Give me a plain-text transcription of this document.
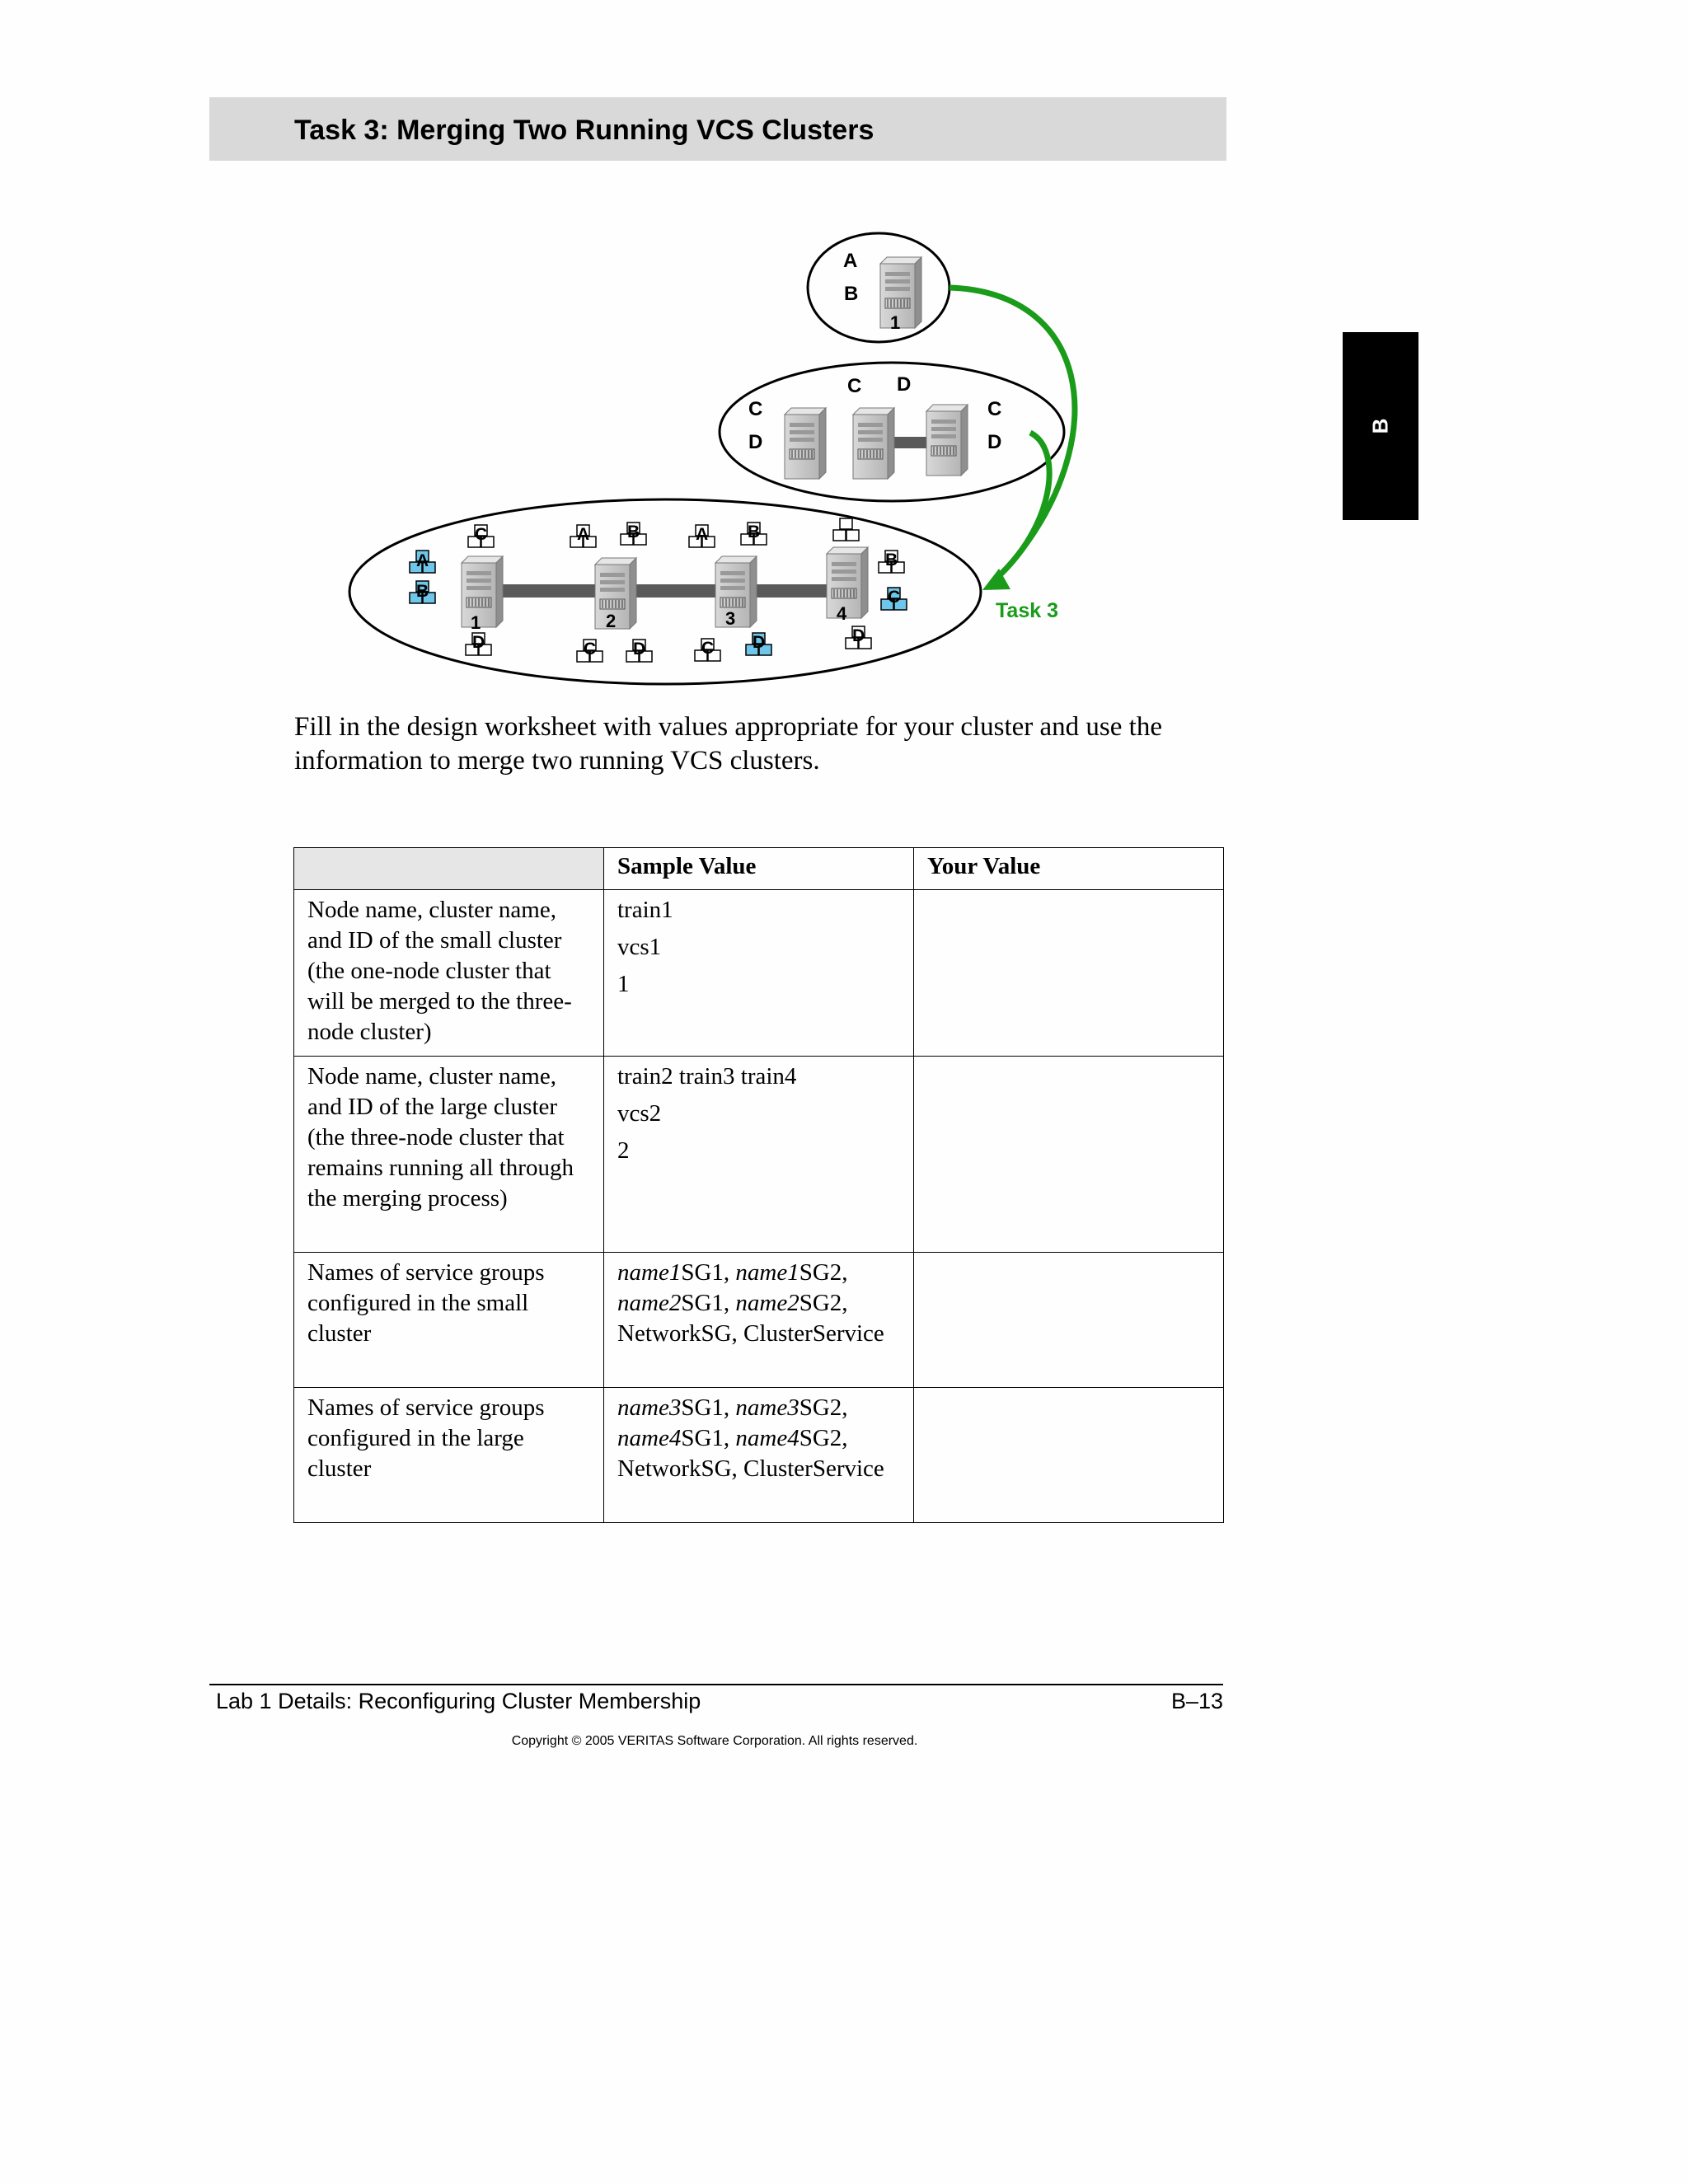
Task 3: Merging Two Running VCS Clusters
B
A
B
1
C
D
C D
C
D
1	2	3	4
C
A
B
D
A B
C D
A B
C D
B
C
D
Task 3
Fill in the design worksheet with values appropriate for your cluster and use the information to merge two running VCS clusters.
	Sample Value	Your Value
Node name, cluster name, and ID of the small cluster (the one-node cluster that will be merged to the three-node cluster)	train1

vcs1

1	

Node name, cluster name, and ID of the large cluster (the three-node cluster that remains running all through the merging process)	train2 train3 train4

vcs2

2	

Names of service groups configured in the small cluster	name1SG1, name1SG2, name2SG1, name2SG2, NetworkSG, ClusterService	
Names of service groups configured in the large cluster	name3SG1, name3SG2, name4SG1, name4SG2, NetworkSG, ClusterService	
Lab 1 Details: Reconfiguring Cluster Membership	B–13
Copyright © 2005 VERITAS Software Corporation. All rights reserved.
